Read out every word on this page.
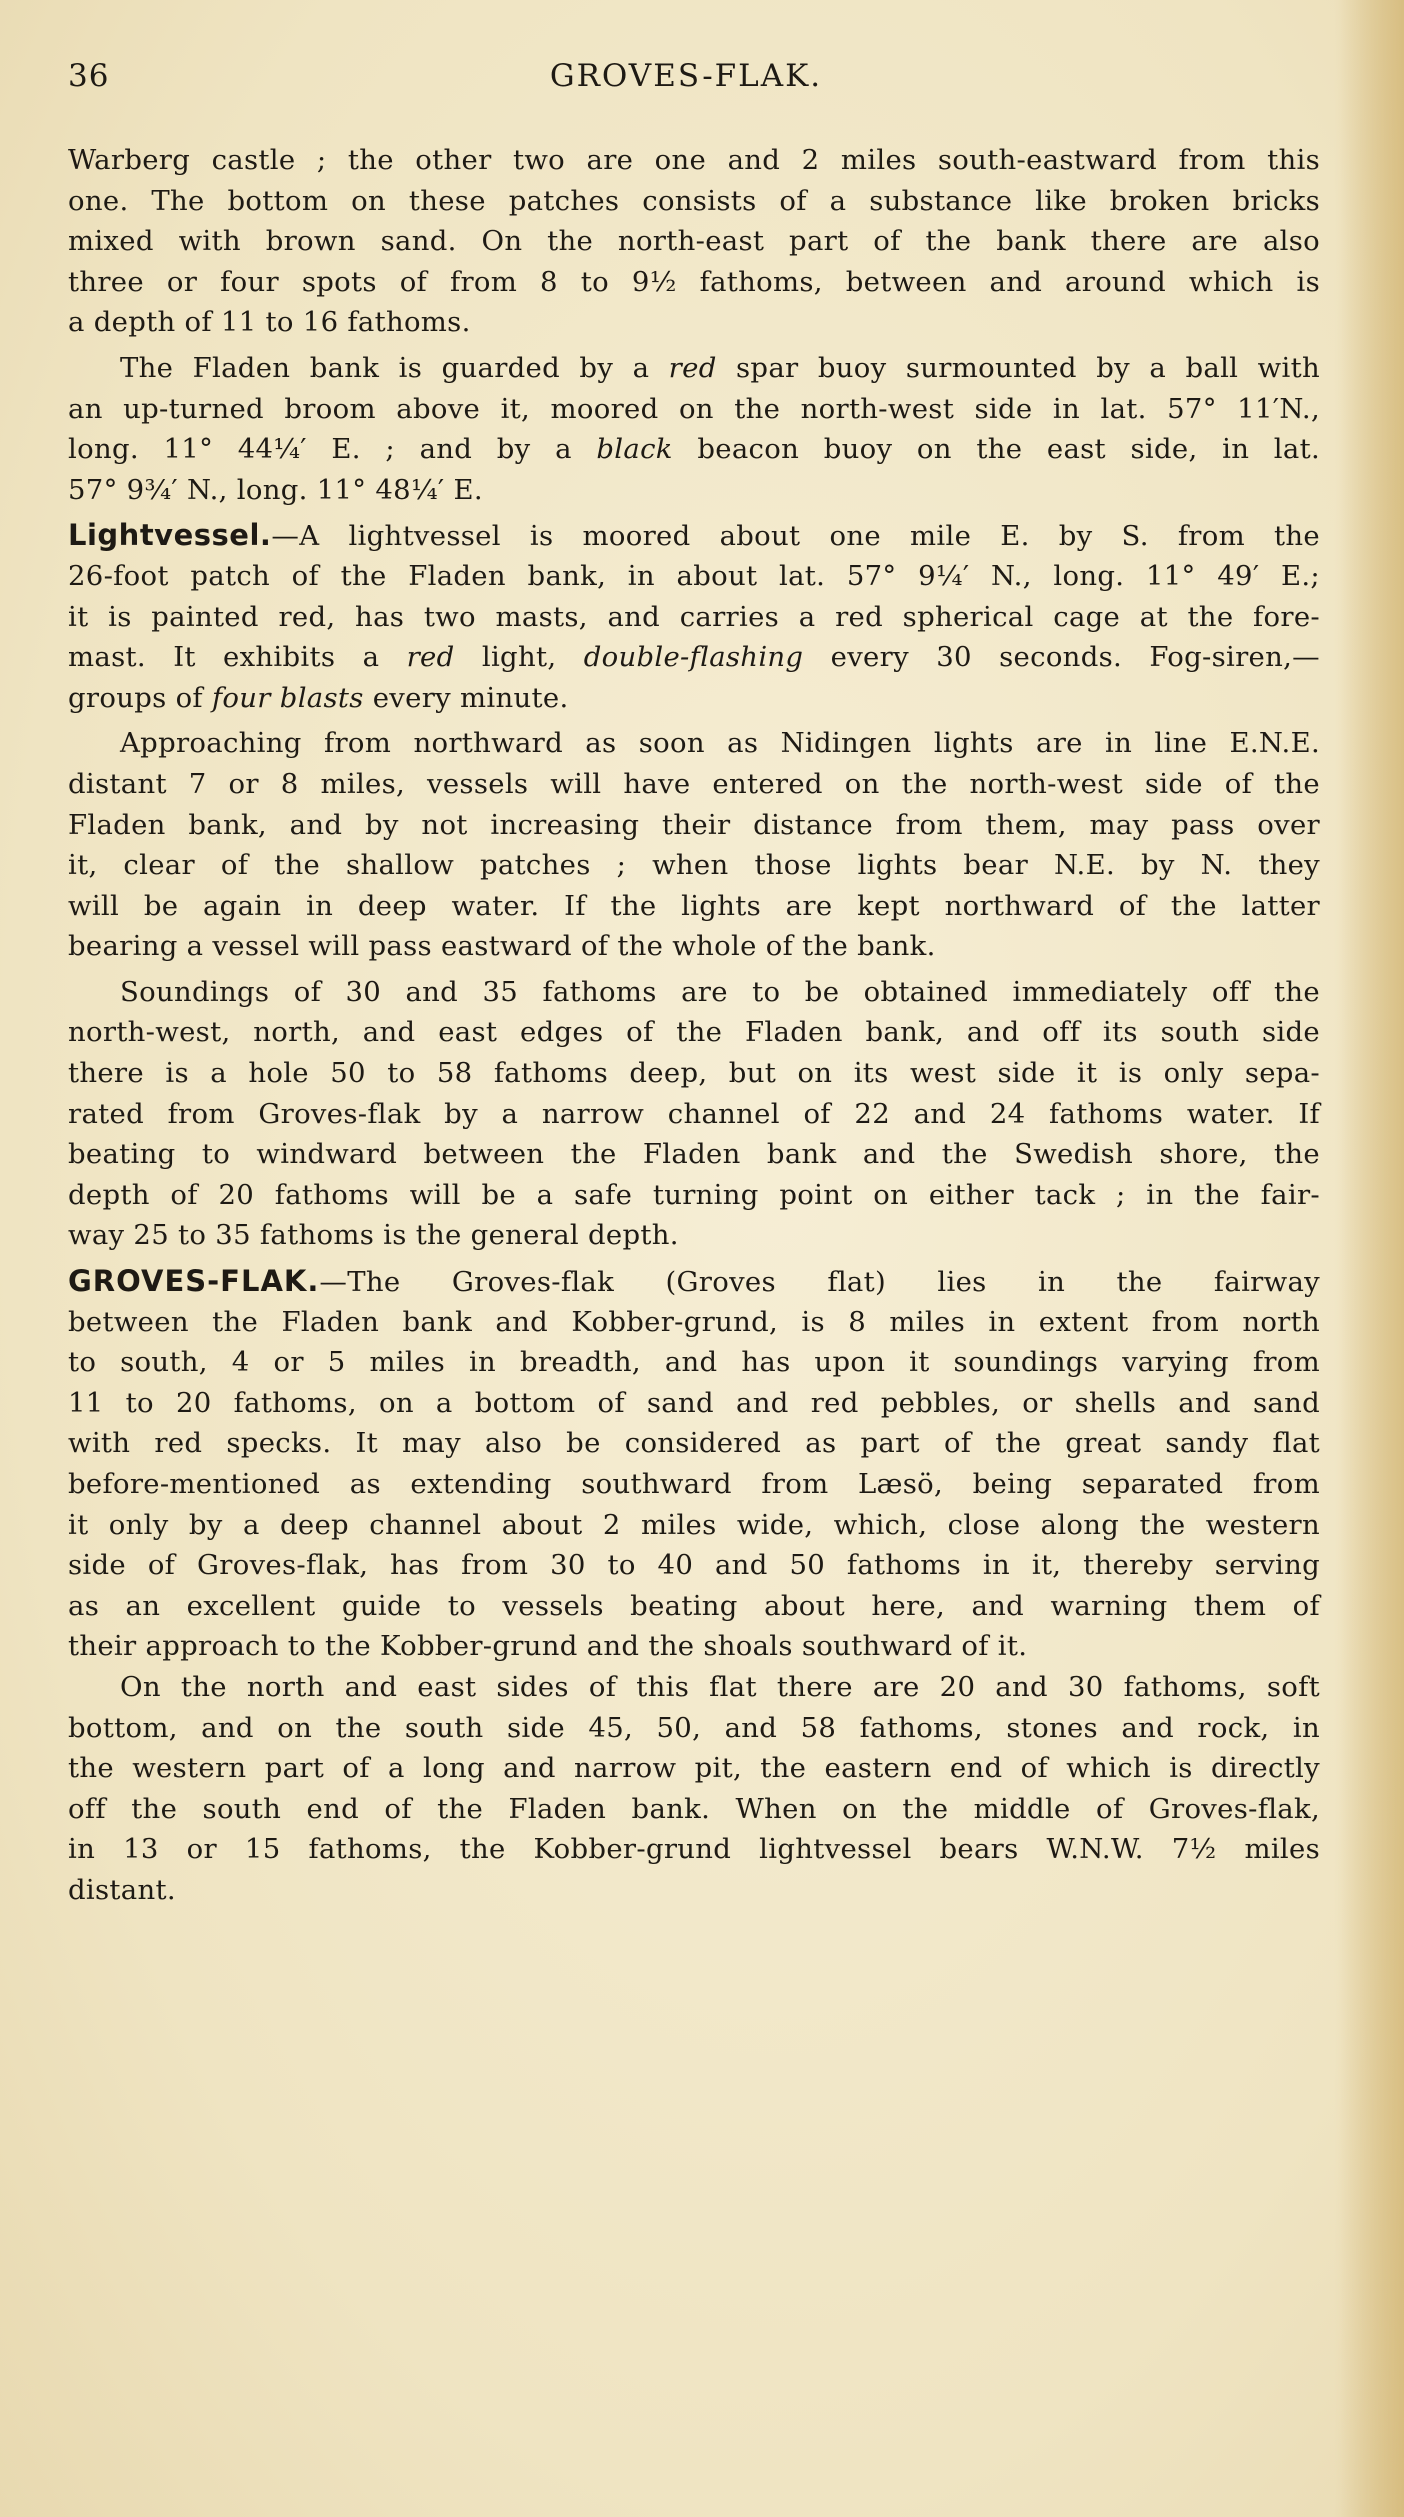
36	GROVES-FLAK.
Warberg castle ; the other two are one and 2 miles south-eastward from this
one. The bottom on these patches consists of a substance like broken bricks
mixed with brown sand. On the north-east part of the bank there are also
three or four spots of from 8 to 9½ fathoms, between and around which is
a depth of 11 to 16 fathoms.
The Fladen bank is guarded by a red spar buoy surmounted by a ball with
an up-turned broom above it, moored on the north-west side in lat. 57° 11′N.,
long. 11° 44¼′ E. ; and by a black beacon buoy on the east side, in lat.
57° 9¾′ N., long. 11° 48¼′ E.
Lightvessel.—A lightvessel is moored about one mile E. by S. from the
26-foot patch of the Fladen bank, in about lat. 57° 9¼′ N., long. 11° 49′ E.;
it is painted red, has two masts, and carries a red spherical cage at the fore-
mast. It exhibits a red light, double-flashing every 30 seconds. Fog-siren,—
groups of four blasts every minute.
Approaching from northward as soon as Nidingen lights are in line E.N.E.
distant 7 or 8 miles, vessels will have entered on the north-west side of the
Fladen bank, and by not increasing their distance from them, may pass over
it, clear of the shallow patches ; when those lights bear N.E. by N. they
will be again in deep water. If the lights are kept northward of the latter
bearing a vessel will pass eastward of the whole of the bank.
Soundings of 30 and 35 fathoms are to be obtained immediately off the
north-west, north, and east edges of the Fladen bank, and off its south side
there is a hole 50 to 58 fathoms deep, but on its west side it is only sepa-
rated from Groves-flak by a narrow channel of 22 and 24 fathoms water. If
beating to windward between the Fladen bank and the Swedish shore, the
depth of 20 fathoms will be a safe turning point on either tack ; in the fair-
way 25 to 35 fathoms is the general depth.
GROVES-FLAK.—The Groves-flak (Groves flat) lies in the fairway
between the Fladen bank and Kobber-grund, is 8 miles in extent from north
to south, 4 or 5 miles in breadth, and has upon it soundings varying from
11 to 20 fathoms, on a bottom of sand and red pebbles, or shells and sand
with red specks. It may also be considered as part of the great sandy flat
before-mentioned as extending southward from Læsö, being separated from
it only by a deep channel about 2 miles wide, which, close along the western
side of Groves-flak, has from 30 to 40 and 50 fathoms in it, thereby serving
as an excellent guide to vessels beating about here, and warning them of
their approach to the Kobber-grund and the shoals southward of it.
On the north and east sides of this flat there are 20 and 30 fathoms, soft
bottom, and on the south side 45, 50, and 58 fathoms, stones and rock, in
the western part of a long and narrow pit, the eastern end of which is directly
off the south end of the Fladen bank. When on the middle of Groves-flak,
in 13 or 15 fathoms, the Kobber-grund lightvessel bears W.N.W. 7½ miles
distant.
